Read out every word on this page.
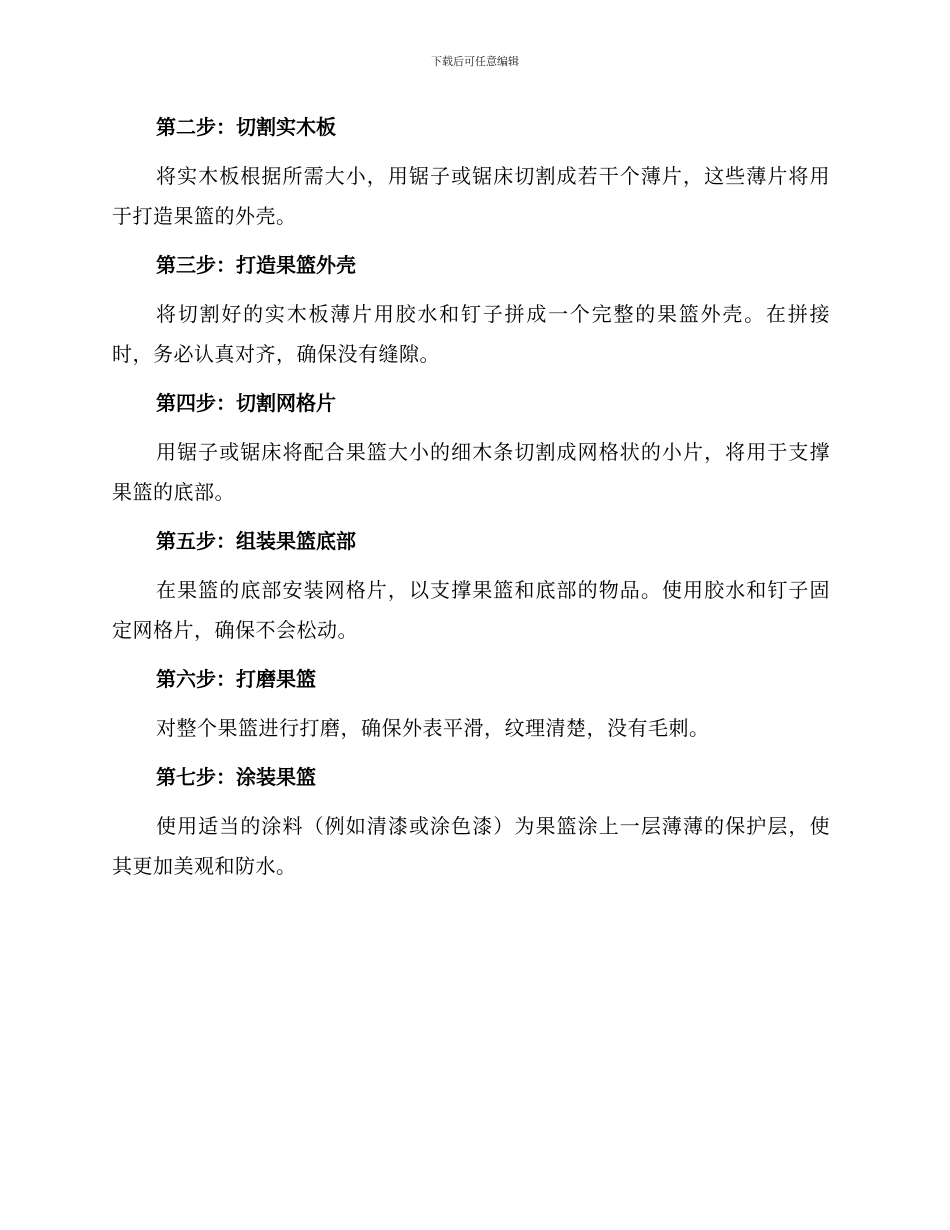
下载后可任意编辑
第二步：切割实木板

将实木板根据所需大小，用锯子或锯床切割成若干个薄片，这些薄片将用于打造果篮的外壳。

第三步：打造果篮外壳

将切割好的实木板薄片用胶水和钉子拼成一个完整的果篮外壳。在拼接时，务必认真对齐，确保没有缝隙。

第四步：切割网格片

用锯子或锯床将配合果篮大小的细木条切割成网格状的小片，将用于支撑果篮的底部。

第五步：组装果篮底部

在果篮的底部安装网格片，以支撑果篮和底部的物品。使用胶水和钉子固定网格片，确保不会松动。

第六步：打磨果篮

对整个果篮进行打磨，确保外表平滑，纹理清楚，没有毛刺。

第七步：涂装果篮

使用适当的涂料（例如清漆或涂色漆）为果篮涂上一层薄薄的保护层，使其更加美观和防水。
